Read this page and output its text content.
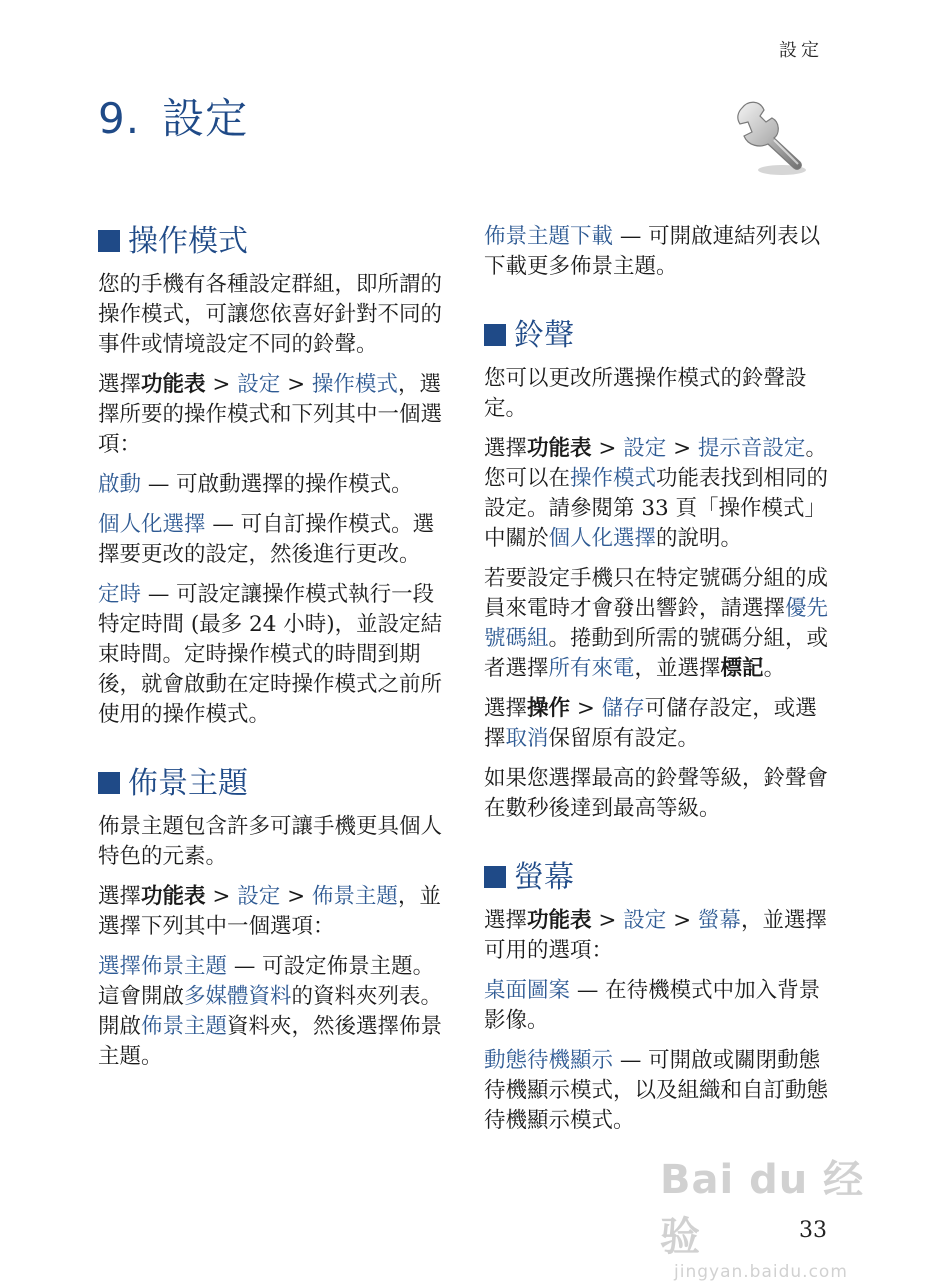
設定
9. 設定
操作模式

您的手機有各種設定群組，即所謂的操作模式，可讓您依喜好針對不同的事件或情境設定不同的鈴聲。

選擇功能表 > 設定 > 操作模式，選擇所要的操作模式和下列其中一個選項：

啟動 — 可啟動選擇的操作模式。

個人化選擇 — 可自訂操作模式。選擇要更改的設定，然後進行更改。

定時 — 可設定讓操作模式執行一段特定時間 (最多 24 小時)，並設定結束時間。定時操作模式的時間到期後，就會啟動在定時操作模式之前所使用的操作模式。

佈景主題

佈景主題包含許多可讓手機更具個人特色的元素。

選擇功能表 > 設定 > 佈景主題，並選擇下列其中一個選項：

選擇佈景主題 — 可設定佈景主題。這會開啟多媒體資料的資料夾列表。開啟佈景主題資料夾，然後選擇佈景主題。

佈景主題下載 — 可開啟連結列表以下載更多佈景主題。

鈴聲

您可以更改所選操作模式的鈴聲設定。

選擇功能表 > 設定 > 提示音設定。您可以在操作模式功能表找到相同的設定。請參閱第 33 頁「操作模式」中關於個人化選擇的說明。

若要設定手機只在特定號碼分組的成員來電時才會發出響鈴，請選擇優先號碼組。捲動到所需的號碼分組，或者選擇所有來電，並選擇標記。

選擇操作 > 儲存可儲存設定，或選擇取消保留原有設定。

如果您選擇最高的鈴聲等級，鈴聲會在數秒後達到最高等級。

螢幕

選擇功能表 > 設定 > 螢幕，並選擇可用的選項：

桌面圖案 — 在待機模式中加入背景影像。

動態待機顯示 — 可開啟或關閉動態待機顯示模式，以及組織和自訂動態待機顯示模式。

Bai du 经验
jingyan.baidu.com
33
